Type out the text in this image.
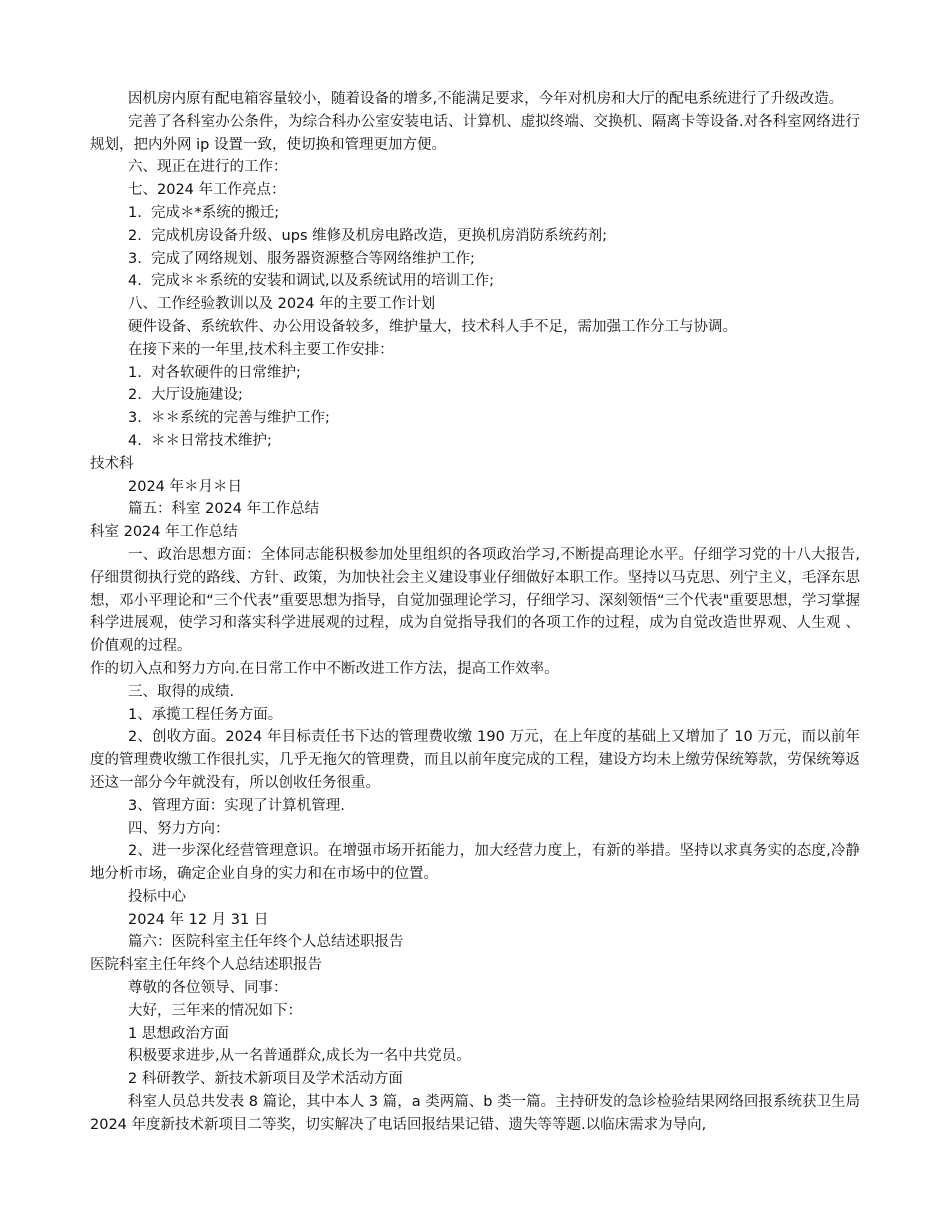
因机房内原有配电箱容量较小，随着设备的增多,不能满足要求，今年对机房和大厅的配电系统进行了升级改造。
完善了各科室办公条件，为综合科办公室安装电话、计算机、虚拟终端、交换机、隔离卡等设备.对各科室网络进行规划，把内外网 ip 设置一致，使切换和管理更加方便。
六、现正在进行的工作：
七、2024 年工作亮点：
1.  完成＊*系统的搬迁;
2.  完成机房设备升级、ups 维修及机房电路改造，更换机房消防系统药剂;
3.  完成了网络规划、服务器资源整合等网络维护工作;
4.  完成＊＊系统的安装和调试,以及系统试用的培训工作;
八、工作经验教训以及 2024 年的主要工作计划
硬件设备、系统软件、办公用设备较多，维护量大，技术科人手不足，需加强工作分工与协调。
在接下来的一年里,技术科主要工作安排：
1.  对各软硬件的日常维护;
2.  大厅设施建设;
3.  ＊＊系统的完善与维护工作;
4.  ＊＊日常技术维护;
技术科
2024 年＊月＊日
篇五：科室 2024 年工作总结
科室 2024 年工作总结
一、政治思想方面：全体同志能积极参加处里组织的各项政治学习,不断提高理论水平。仔细学习党的十八大报告,仔细贯彻执行党的路线、方针、政策，为加快社会主义建设事业仔细做好本职工作。坚持以马克思、列宁主义，毛泽东思想，邓小平理论和“三个代表”重要思想为指导，自觉加强理论学习，仔细学习、深刻领悟“三个代表"重要思想，学习掌握科学进展观，使学习和落实科学进展观的过程，成为自觉指导我们的各项工作的过程，成为自觉改造世界观、人生观 、价值观的过程。
作的切入点和努力方向.在日常工作中不断改进工作方法，提高工作效率。
三、取得的成绩.
1、承揽工程任务方面。
2、创收方面。2024 年目标责任书下达的管理费收缴 190 万元，在上年度的基础上又增加了 10 万元，而以前年度的管理费收缴工作很扎实，几乎无拖欠的管理费，而且以前年度完成的工程，建设方均未上缴劳保统筹款，劳保统筹返还这一部分今年就没有，所以创收任务很重。
3、管理方面：实现了计算机管理.
四、努力方向：
2、进一步深化经营管理意识。在增强市场开拓能力，加大经营力度上，有新的举措。坚持以求真务实的态度,冷静地分析市场，确定企业自身的实力和在市场中的位置。
投标中心
2024 年 12 月 31 日
篇六：医院科室主任年终个人总结述职报告
医院科室主任年终个人总结述职报告
尊敬的各位领导、同事：
大好，三年来的情况如下：
1 思想政治方面
积极要求进步,从一名普通群众,成长为一名中共党员。
2 科研教学、新技术新项目及学术活动方面
科室人员总共发表 8 篇论，其中本人 3 篇，a 类两篇、b 类一篇。主持研发的急诊检验结果网络回报系统获卫生局 2024 年度新技术新项目二等奖，切实解决了电话回报结果记错、遗失等等题.以临床需求为导向,
